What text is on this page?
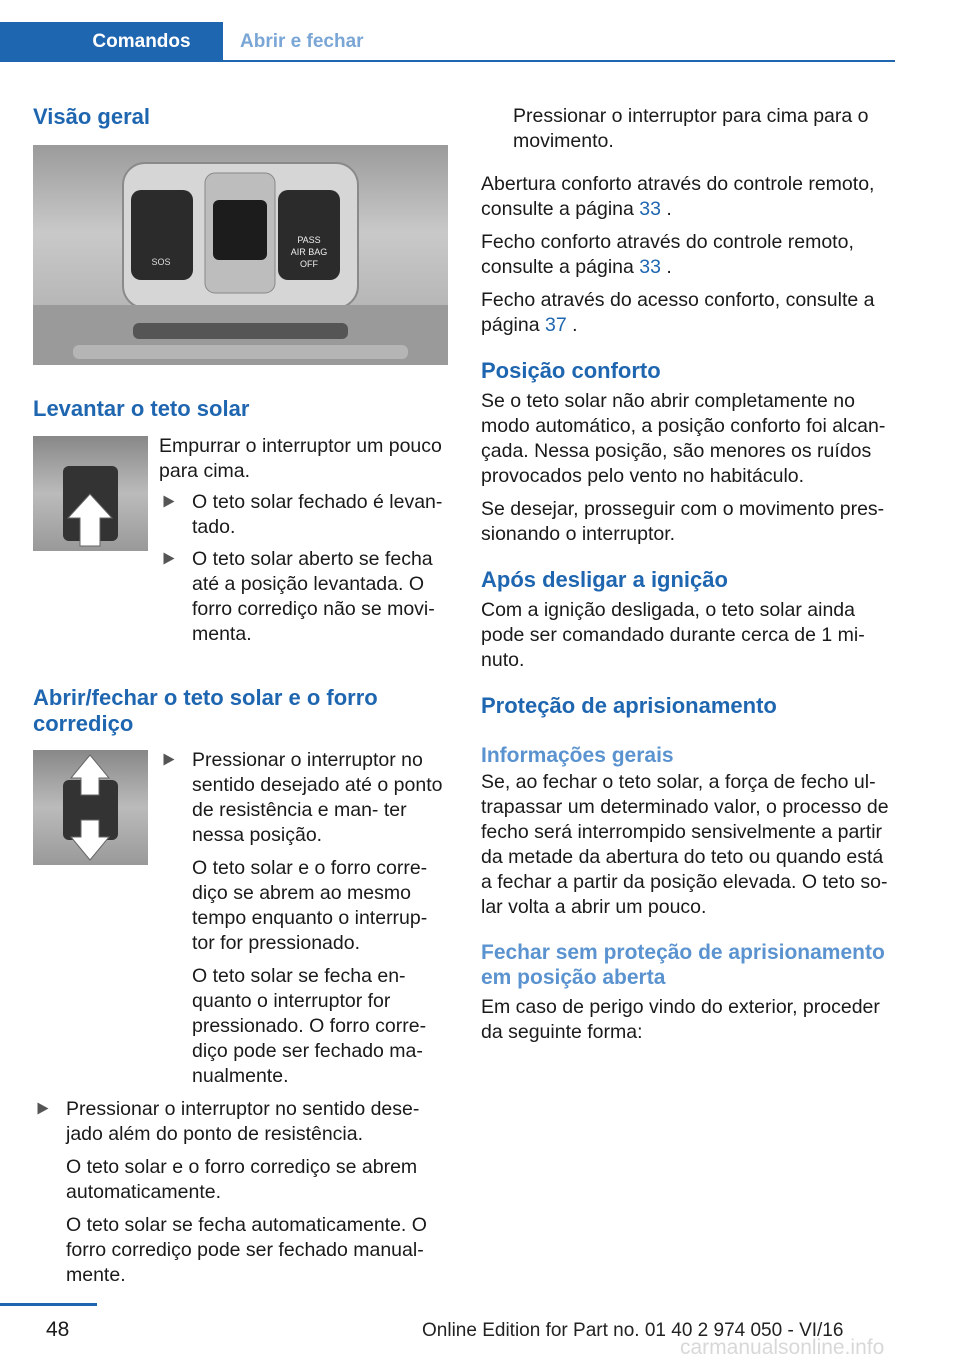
Comandos	Abrir e fechar
Visão geral
SOS
PASS
AIR BAG
OFF
Levantar o teto solar

Empurrar o interruptor um pouco para cima.

O teto solar fechado é levan‐ tado.
O teto solar aberto se fecha até a posição levantada. O forro corrediço não se movi‐ menta.
Abrir/fechar o teto solar e o forro corrediço

Pressionar o interruptor no sentido desejado até o ponto de resistência e man‐ ter nessa posição.

O teto solar e o forro corre‐ diço se abrem ao mesmo tempo enquanto o interrup‐ tor for pressionado.

O teto solar se fecha en‐ quanto o interruptor for pressionado. O forro corre‐ diço pode ser fechado ma‐ nualmente.

Pressionar o interruptor no sentido dese‐ jado além do ponto de resistência.

O teto solar e o forro corrediço se abrem automaticamente.

O teto solar se fecha automaticamente. O forro corrediço pode ser fechado manual‐ mente.

Pressionar o interruptor para cima para o movimento.

Abertura conforto através do controle remoto, consulte a página 33 .

Fecho conforto através do controle remoto, consulte a página 33 .

Fecho através do acesso conforto, consulte a página 37 .

Posição conforto

Se o teto solar não abrir completamente no modo automático, a posição conforto foi alcan‐ çada. Nessa posição, são menores os ruídos provocados pelo vento no habitáculo.

Se desejar, prosseguir com o movimento pres‐ sionando o interruptor.

Após desligar a ignição

Com a ignição desligada, o teto solar ainda pode ser comandado durante cerca de 1 mi‐ nuto.

Proteção de aprisionamento
Informações gerais

Se, ao fechar o teto solar, a força de fecho ul‐ trapassar um determinado valor, o processo de fecho será interrompido sensivelmente a partir da metade da abertura do teto ou quando está a fechar a partir da posição elevada. O teto so‐ lar volta a abrir um pouco.

Fechar sem proteção de aprisionamento em posição aberta

Em caso de perigo vindo do exterior, proceder da seguinte forma:

48	Online Edition for Part no. 01 40 2 974 050 - VI/16
carmanualsonline.info
